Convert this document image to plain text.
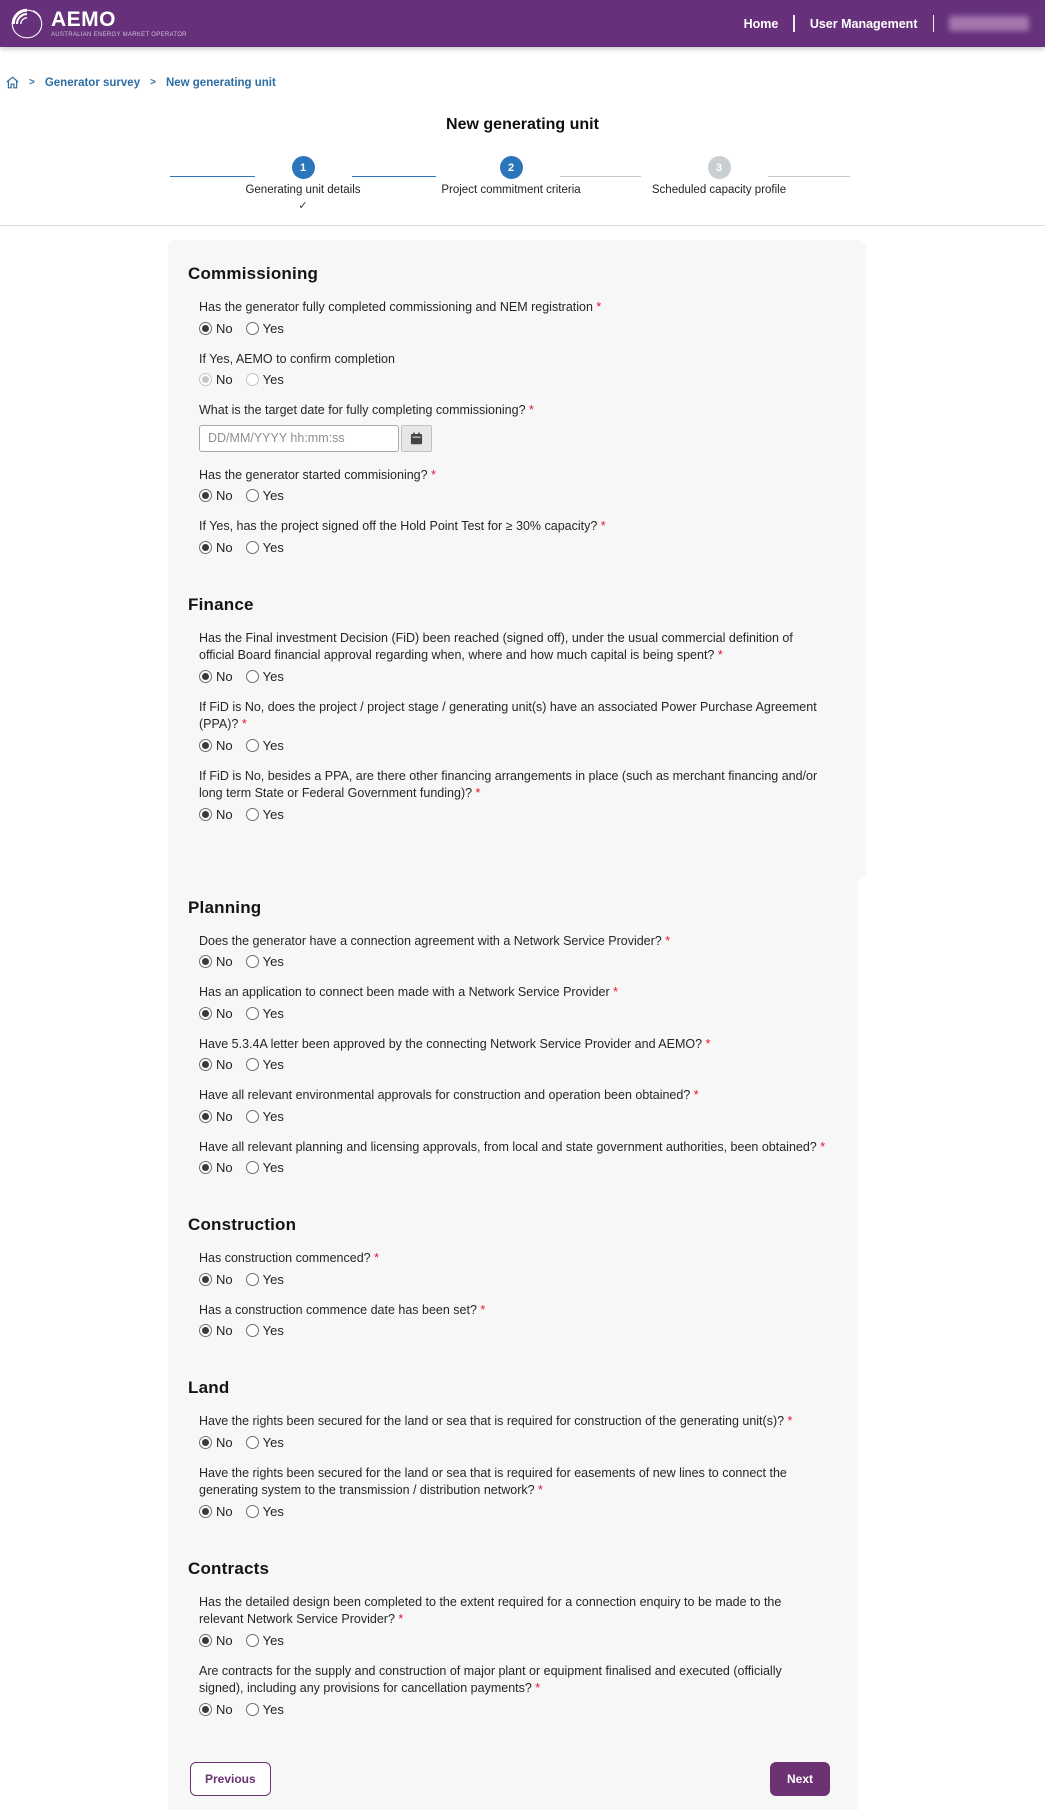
AEMO
AUSTRALIAN ENERGY MARKET OPERATOR
Home	User Management
> Generator survey > New generating unit
New generating unit
1
Generating unit details
✓
2
Project commitment criteria
3
Scheduled capacity profile
Commissioning
Has the generator fully completed commissioning and NEM registration *
No Yes
If Yes, AEMO to confirm completion
No Yes
What is the target date for fully completing commissioning? *
DD/MM/YYYY hh:mm:ss
Has the generator started commisioning? *
No Yes
If Yes, has the project signed off the Hold Point Test for ≥ 30% capacity? *
No Yes
Finance
Has the Final investment Decision (FiD) been reached (signed off), under the usual commercial definition of official Board financial approval regarding when, where and how much capital is being spent? *
No Yes
If FiD is No, does the project / project stage / generating unit(s) have an associated Power Purchase Agreement (PPA)? *
No Yes
If FiD is No, besides a PPA, are there other financing arrangements in place (such as merchant financing and/or long term State or Federal Government funding)? *
No Yes
Planning
Does the generator have a connection agreement with a Network Service Provider? *
No Yes
Has an application to connect been made with a Network Service Provider *
No Yes
Have 5.3.4A letter been approved by the connecting Network Service Provider and AEMO? *
No Yes
Have all relevant environmental approvals for construction and operation been obtained? *
No Yes
Have all relevant planning and licensing approvals, from local and state government authorities, been obtained? *
No Yes
Construction
Has construction commenced? *
No Yes
Has a construction commence date has been set? *
No Yes
Land
Have the rights been secured for the land or sea that is required for construction of the generating unit(s)? *
No Yes
Have the rights been secured for the land or sea that is required for easements of new lines to connect the generating system to the transmission / distribution network? *
No Yes
Contracts
Has the detailed design been completed to the extent required for a connection enquiry to be made to the relevant Network Service Provider? *
No Yes
Are contracts for the supply and construction of major plant or equipment finalised and executed (officially signed), including any provisions for cancellation payments? *
No Yes
Previous	Next
